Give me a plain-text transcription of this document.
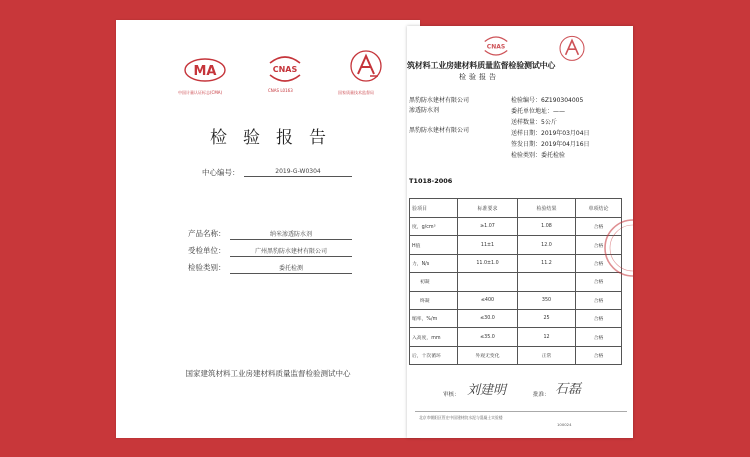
MA
中国计量认证标志(CMA)
CNAS
CNAS L0163	国家质量技术监督局
检验报告
中心编号：	2019-G-W0304
产品名称：	纳米渗透防水剂
受检单位：	广州黑豹防水建材有限公司
检验类别：	委托检测
国家建筑材料工业房建材料质量监督检验测试中心
CNAS
筑材料工业房建材料质量监督检验测试中心
检验报告
黑豹防水建材有限公司
渗透防水剂
黑豹防水建材有限公司
检验编号：6Z190304005
委托单位地址：——
送样数量：5公斤
送样日期：2019年03月04日
签发日期：2019年04月16日
检验类别：委托检验
T1018-2006
验项目	标准要求	检验结果	单项结论
度，g/cm³	≥1.07	1.08	合格
H值	11±1	12.0	合格
力，N/s	11.0±1.0	11.2	合格
初凝			合格
终凝	≤400	350	合格
缩率，%/m	≤30.0	25	合格
入高度，mm	≤35.0	12	合格
后，十次循环	外观无变化	正常	合格
审核： 刘建明	批准： 石磊
北京市朝阳区管庄中国建材院水泥与混凝土实验楼
100024
